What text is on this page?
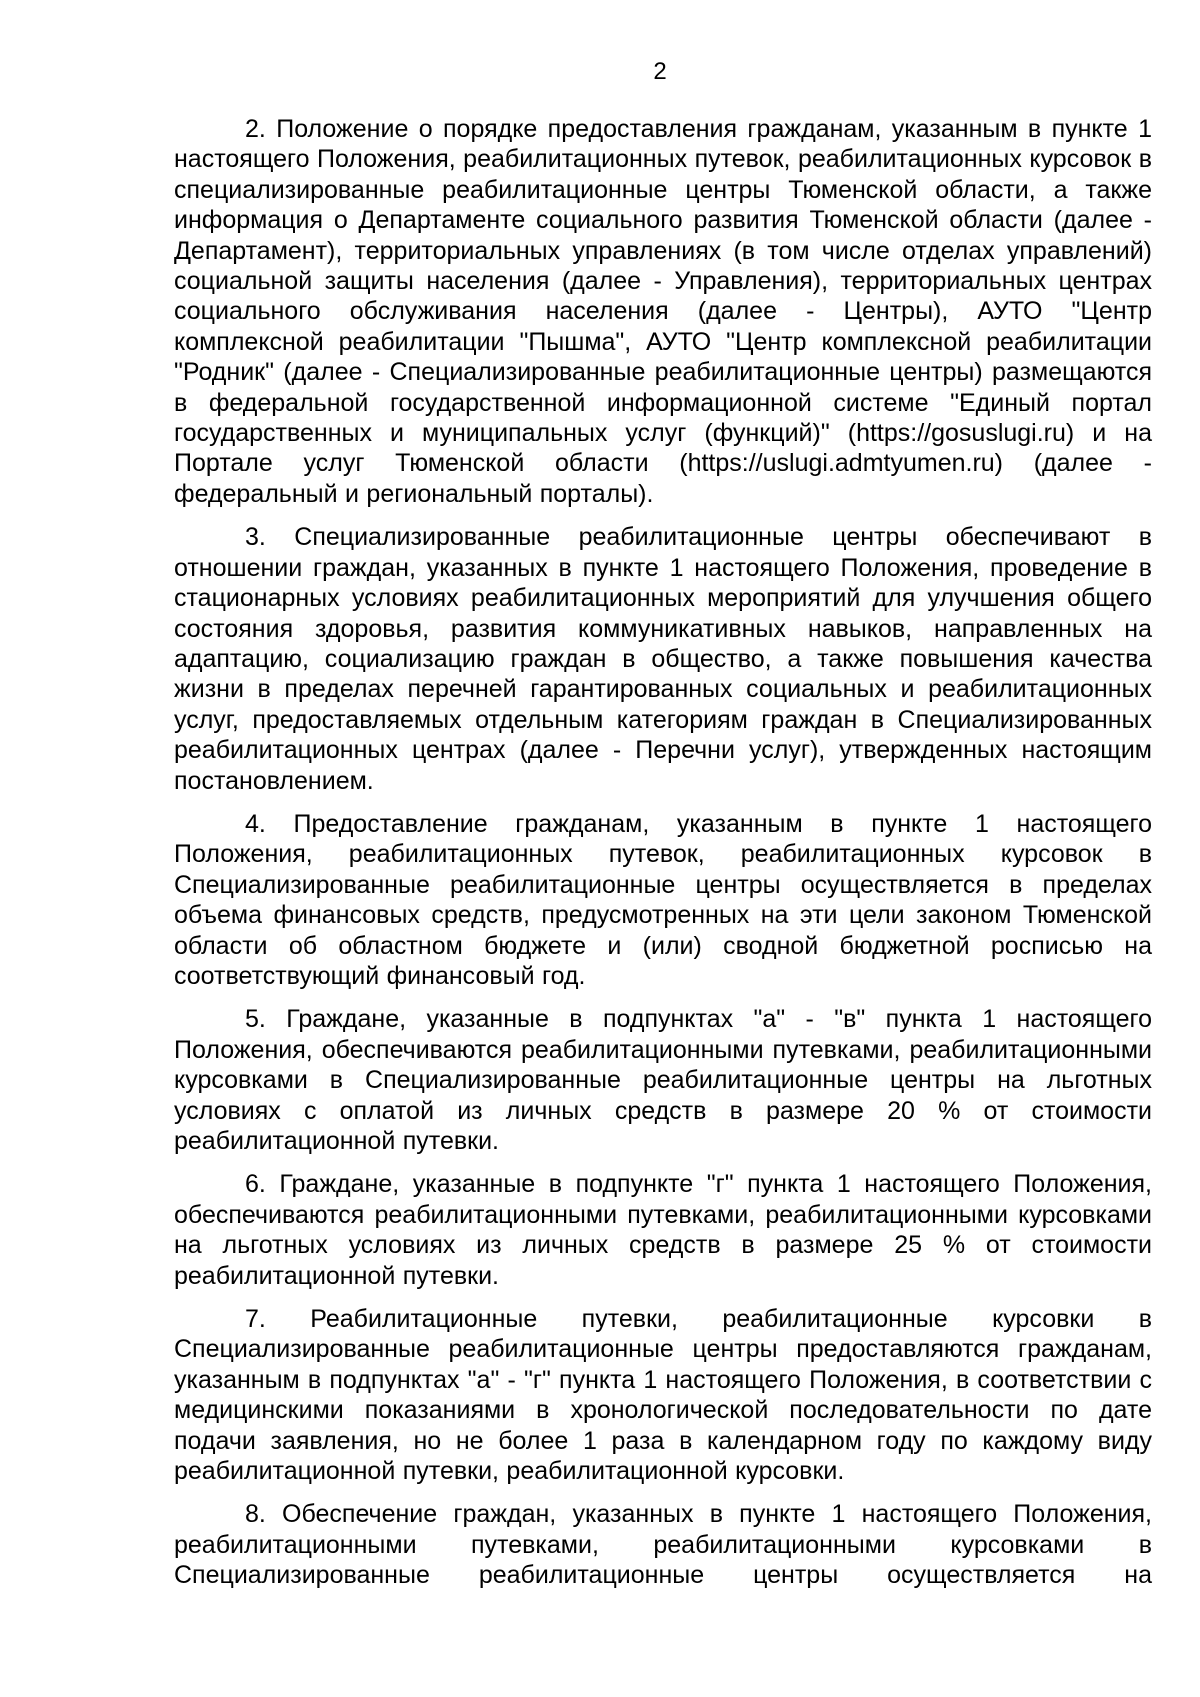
2

2. Положение о порядке предоставления гражданам, указанным в пункте 1 настоящего Положения, реабилитационных путевок, реабилитационных курсовок в специализированные реабилитационные центры Тюменской области, а также информация о Департаменте социального развития Тюменской области (далее - Департамент), территориальных управлениях (в том числе отделах управлений) социальной защиты населения (далее - Управления), территориальных центрах социального обслуживания населения (далее - Центры), АУТО "Центр комплексной реабилитации "Пышма", АУТО "Центр комплексной реабилитации "Родник" (далее - Специализированные реабилитационные центры) размещаются в федеральной государственной информационной системе "Единый портал государственных и муниципальных услуг (функций)" (https://gosuslugi.ru) и на Портале услуг Тюменской области (https://uslugi.admtyumen.ru) (далее - федеральный и региональный порталы).

3. Специализированные реабилитационные центры обеспечивают в отношении граждан, указанных в пункте 1 настоящего Положения, проведение в стационарных условиях реабилитационных мероприятий для улучшения общего состояния здоровья, развития коммуникативных навыков, направленных на адаптацию, социализацию граждан в общество, а также повышения качества жизни в пределах перечней гарантированных социальных и реабилитационных услуг, предоставляемых отдельным категориям граждан в Специализированных реабилитационных центрах (далее - Перечни услуг), утвержденных настоящим постановлением.

4. Предоставление гражданам, указанным в пункте 1 настоящего Положения, реабилитационных путевок, реабилитационных курсовок в Специализированные реабилитационные центры осуществляется в пределах объема финансовых средств, предусмотренных на эти цели законом Тюменской области об областном бюджете и (или) сводной бюджетной росписью на соответствующий финансовый год.

5. Граждане, указанные в подпунктах "а" - "в" пункта 1 настоящего Положения, обеспечиваются реабилитационными путевками, реабилитационными курсовками в Специализированные реабилитационные центры на льготных условиях с оплатой из личных средств в размере 20 % от стоимости реабилитационной путевки.

6. Граждане, указанные в подпункте "г" пункта 1 настоящего Положения, обеспечиваются реабилитационными путевками, реабилитационными курсовками на льготных условиях из личных средств в размере 25 % от стоимости реабилитационной путевки.

7. Реабилитационные путевки, реабилитационные курсовки в Специализированные реабилитационные центры предоставляются гражданам, указанным в подпунктах "а" - "г" пункта 1 настоящего Положения, в соответствии с медицинскими показаниями в хронологической последовательности по дате подачи заявления, но не более 1 раза в календарном году по каждому виду реабилитационной путевки, реабилитационной курсовки.

8. Обеспечение граждан, указанных в пункте 1 настоящего Положения, реабилитационными путевками, реабилитационными курсовками в Специализированные реабилитационные центры осуществляется на
